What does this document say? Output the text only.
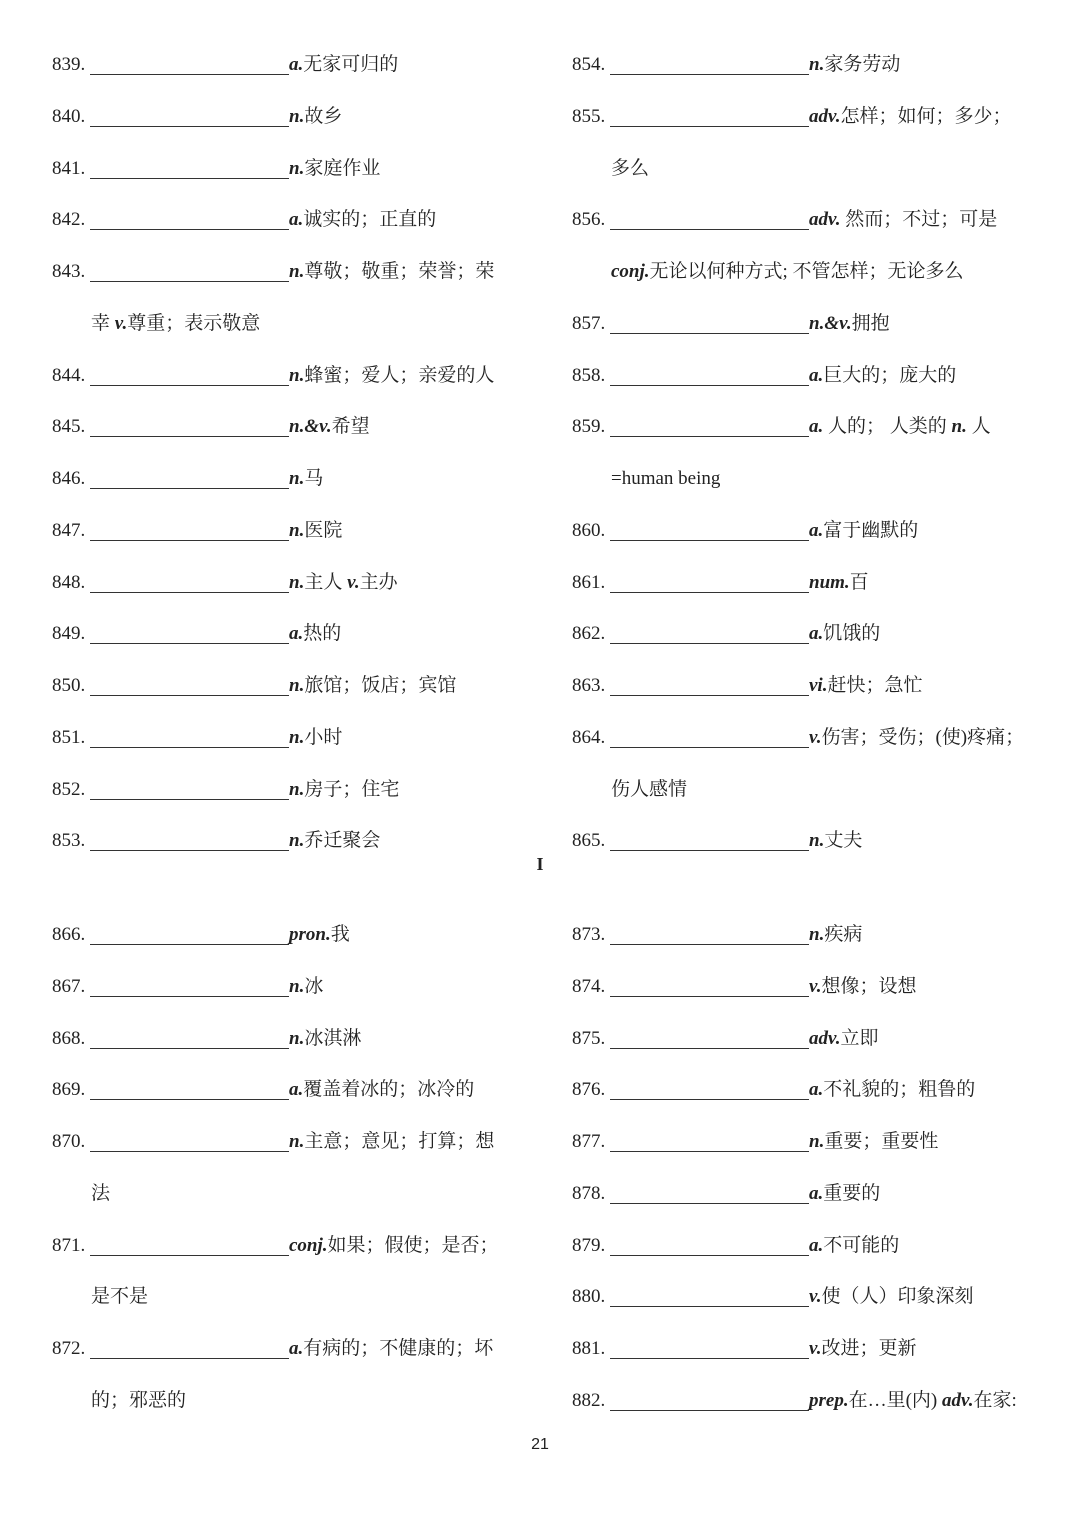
I
21
839.	a.无家可归的
840.	n.故乡
841.	n.家庭作业
842.	a.诚实的；正直的
843.	n.尊敬；敬重；荣誉；荣
幸 v.尊重；表示敬意
844.	n.蜂蜜；爱人；亲爱的人
845.	n.&v.希望
846.	n.马
847.	n.医院
848.	n.主人 v.主办
849.	a.热的
850.	n.旅馆；饭店；宾馆
851.	n.小时
852.	n.房子；住宅
853.	n.乔迁聚会
854.	n.家务劳动
855.	adv.怎样；如何；多少；
多么
856.	adv. 然而；不过；可是
conj.无论以何种方式; 不管怎样；无论多么
857.	n.&v.拥抱
858.	a.巨大的；庞大的
859.	a. 人的； 人类的 n. 人
=human being
860.	a.富于幽默的
861.	num.百
862.	a.饥饿的
863.	vi.赶快；急忙
864.	v.伤害；受伤；(使)疼痛；
伤人感情
865.	n.丈夫
866.	pron.我
867.	n.冰
868.	n.冰淇淋
869.	a.覆盖着冰的；冰冷的
870.	n.主意；意见；打算；想
法
871.	conj.如果；假使；是否；
是不是
872.	a.有病的；不健康的；坏
的；邪恶的
873.	n.疾病
874.	v.想像；设想
875.	adv.立即
876.	a.不礼貌的；粗鲁的
877.	n.重要；重要性
878.	a.重要的
879.	a.不可能的
880.	v.使（人）印象深刻
881.	v.改进；更新
882.	prep.在…里(内) adv.在家:
